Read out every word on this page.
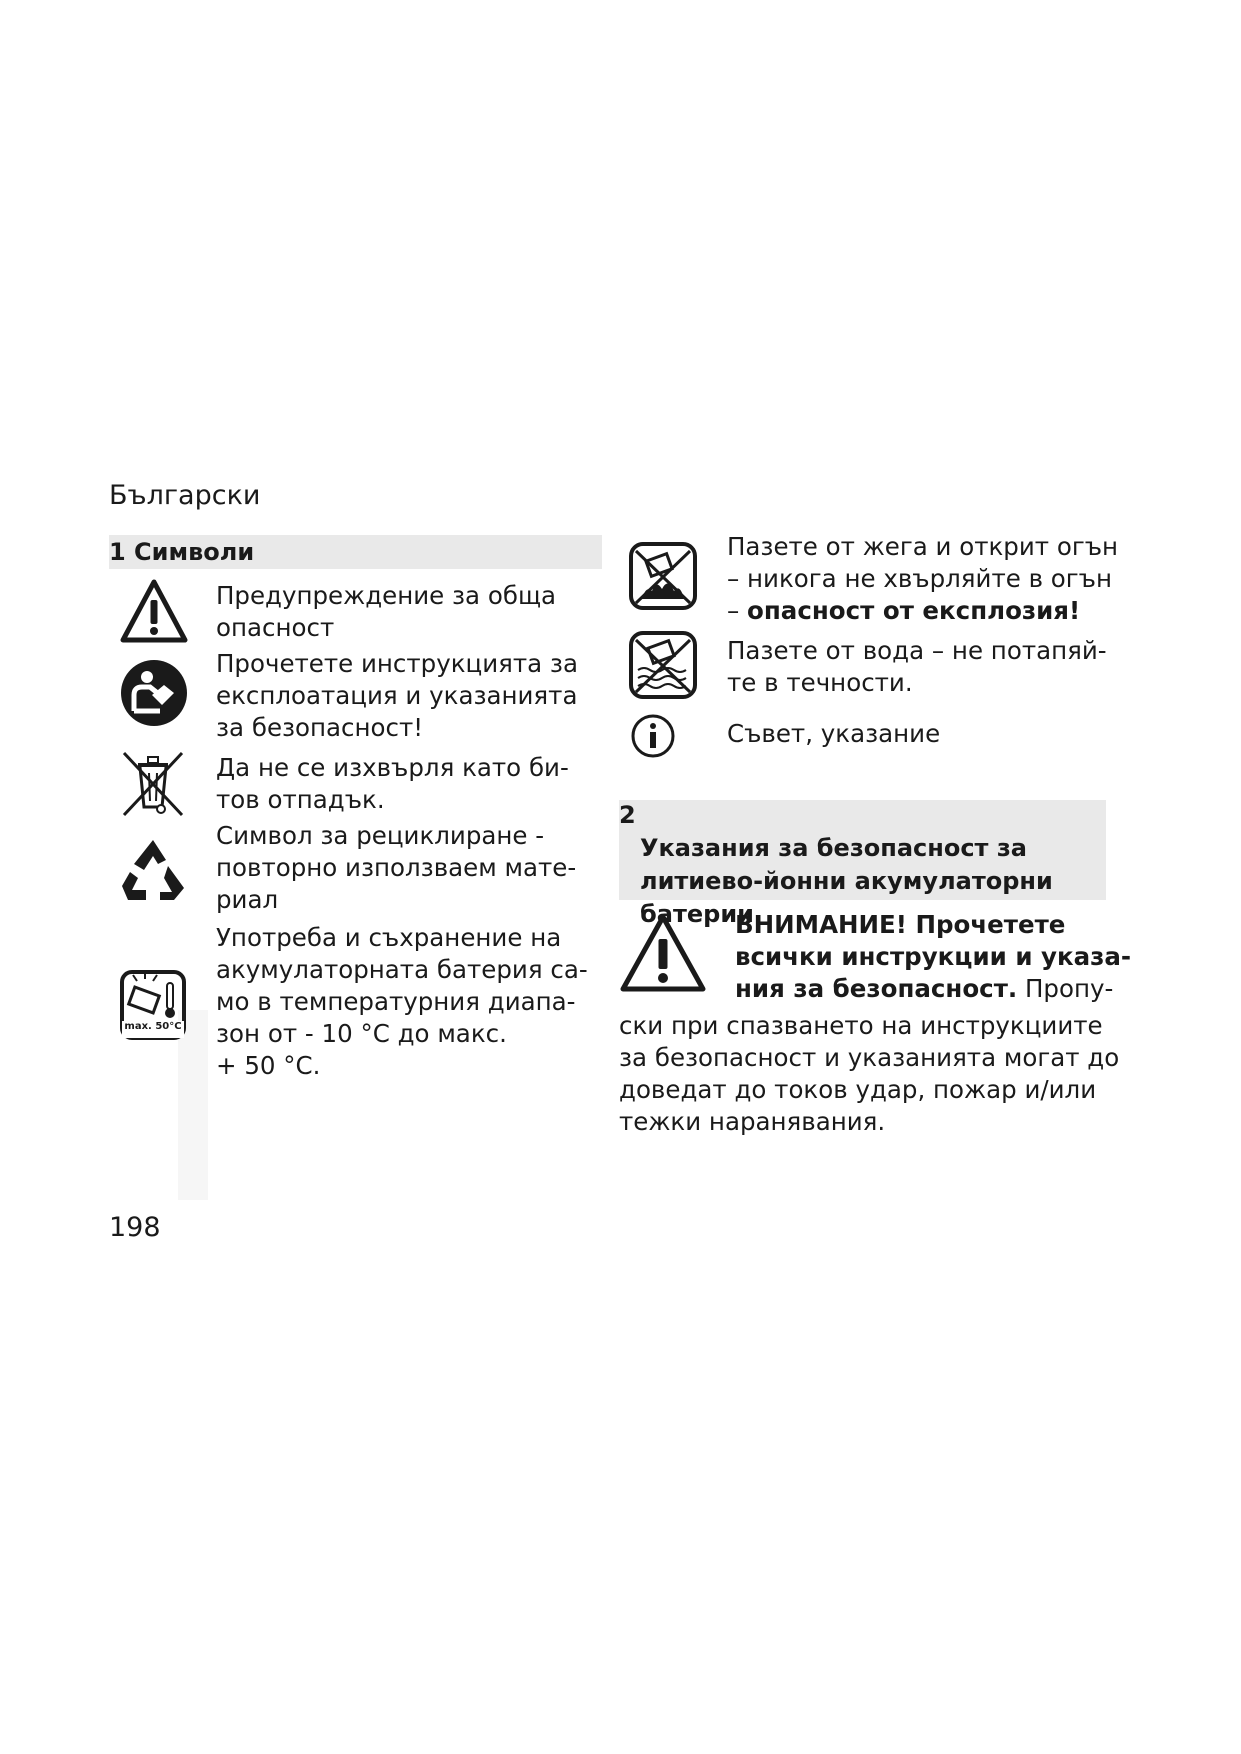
Български
1 Символи
Предупреждение за обща
опасност
Прочетете инструкцията за
експлоатация и указанията
за безопасност!
Да не се изхвърля като би-
тов отпадък.
Символ за рециклиране -
повторно използваем мате-
риал
max. 50°C
Употреба и съхранение на
акумулаторната батерия са-
мо в температурния диапа-
зон от - 10 °C до макс.
+ 50 °C.
Пазете от жега и открит огън
– никога не хвърляйте в огън
– опасност от експлозия!
Пазете от вода – не потапяй-
те в течности.
Съвет, указание
2

Указания за безопасност за
литиево-йонни акумулаторни
батерии

ВНИМАНИЕ! Прочетете
всички инструкции и указа-
ния за безопасност. Пропу-
ски при спазването на инструкциите
за безопасност и указанията могат до
доведат до токов удар, пожар и/или
тежки наранявания.
198
